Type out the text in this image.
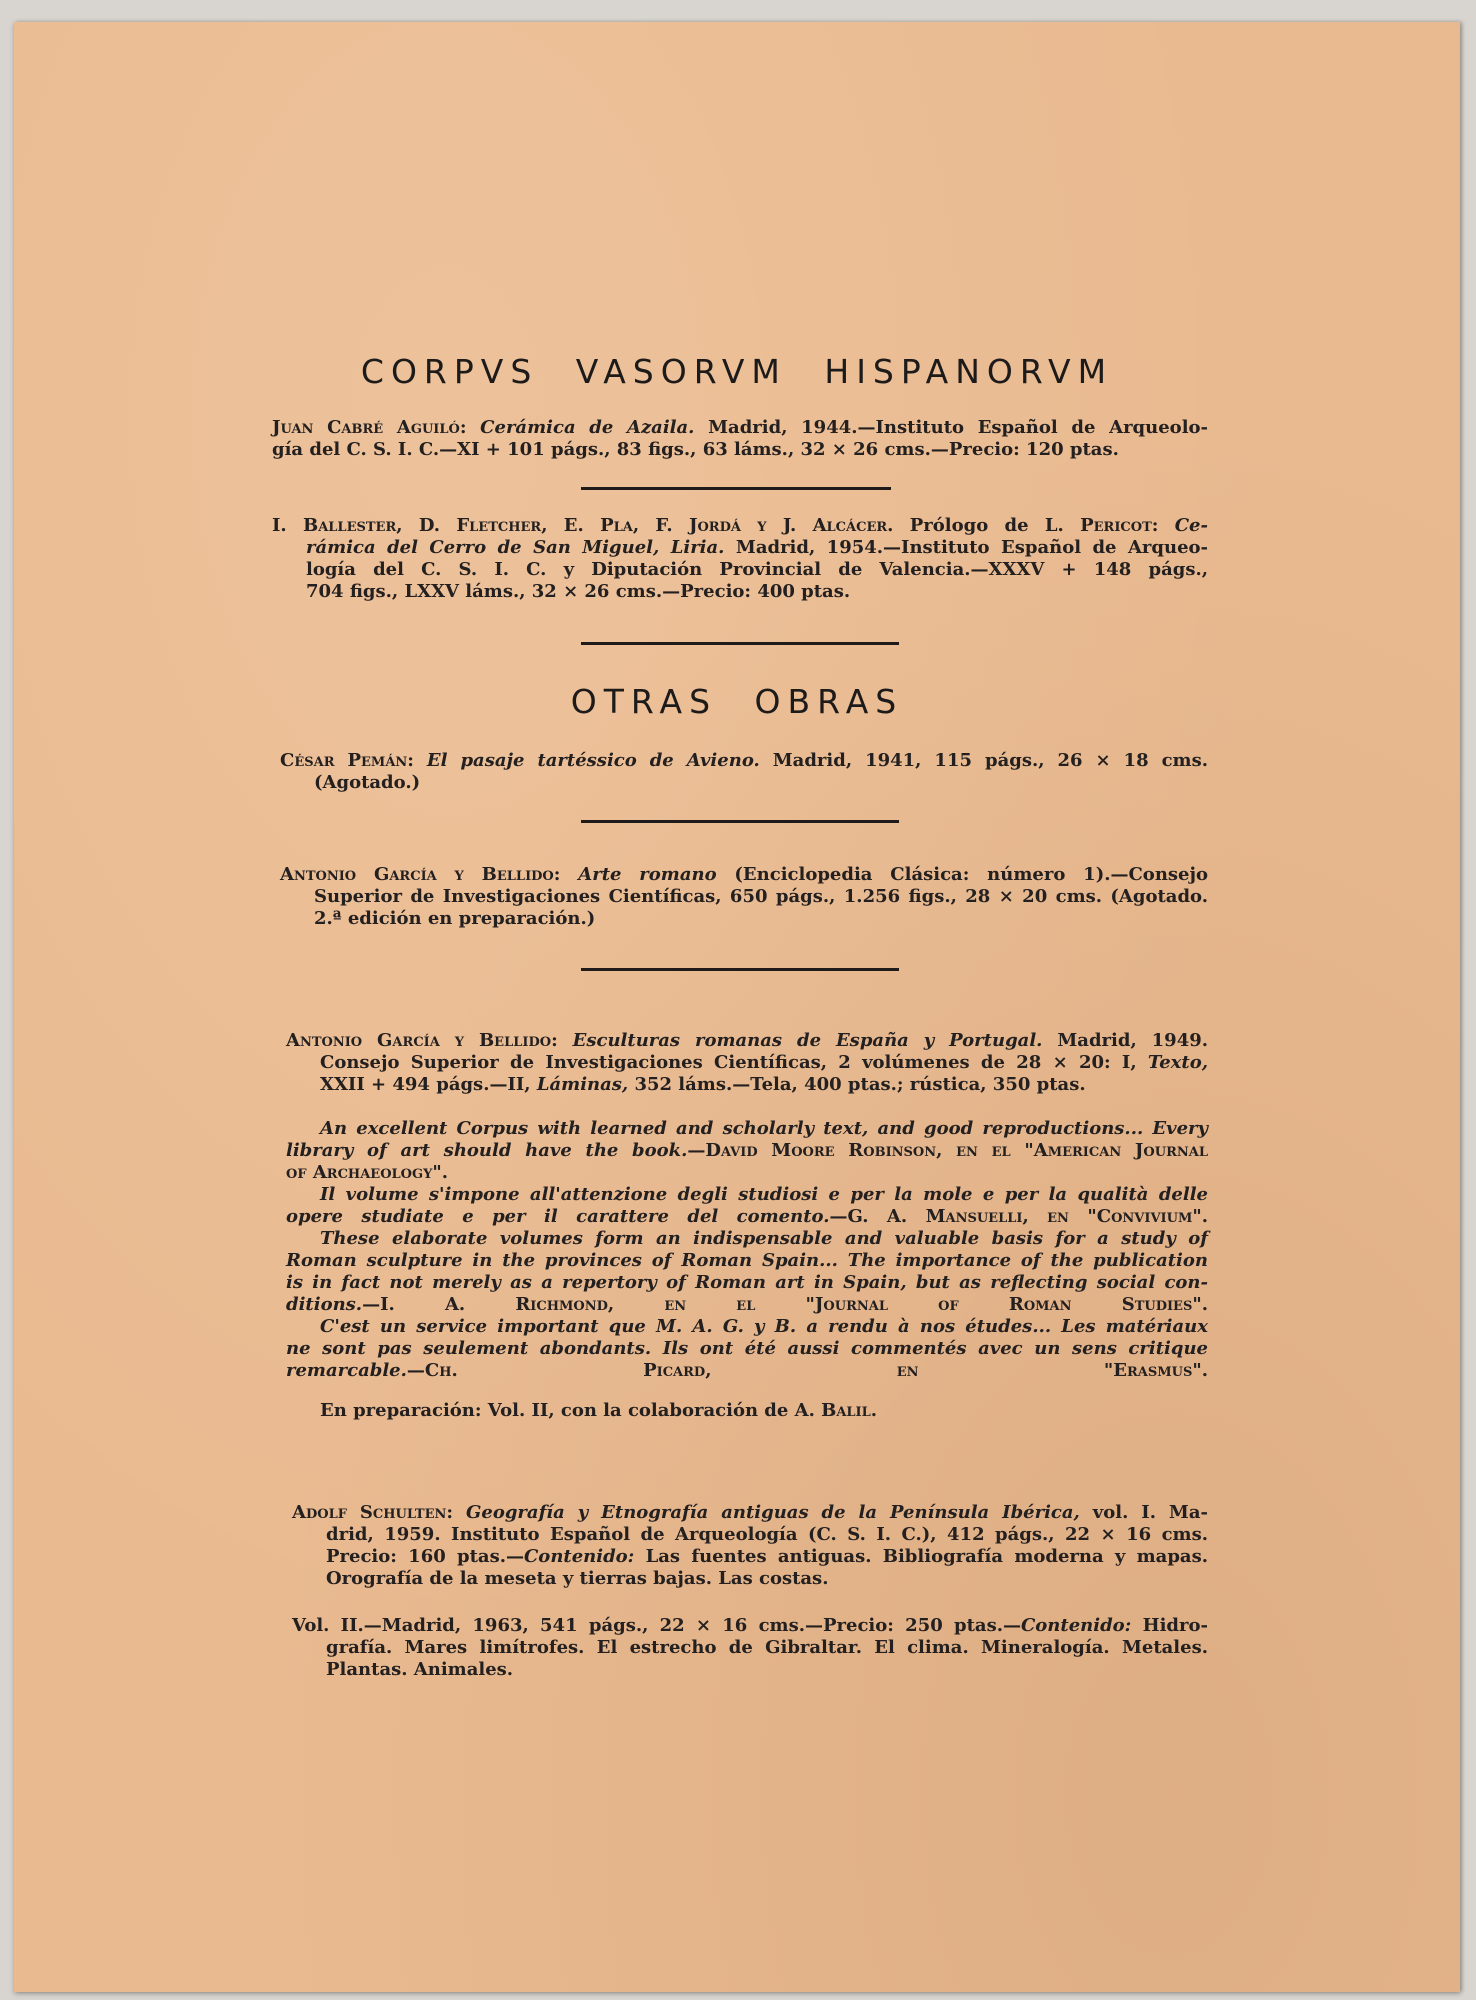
CORPVS VASORVM HISPANORVM
Juan Cabré Aguiló: Cerámica de Azaila. Madrid, 1944.—Instituto Español de Arqueolo-
gía del C. S. I. C.—XI + 101 págs., 83 figs., 63 láms., 32 × 26 cms.—Precio: 120 ptas.
I. Ballester, D. Fletcher, E. Pla, F. Jordá y J. Alcácer. Prólogo de L. Pericot: Ce-
rámica del Cerro de San Miguel, Liria. Madrid, 1954.—Instituto Español de Arqueo-
logía del C. S. I. C. y Diputación Provincial de Valencia.—XXXV + 148 págs.,
704 figs., LXXV láms., 32 × 26 cms.—Precio: 400 ptas.
OTRAS OBRAS
César Pemán: El pasaje tartéssico de Avieno. Madrid, 1941, 115 págs., 26 × 18 cms.
(Agotado.)
Antonio García y Bellido: Arte romano (Enciclopedia Clásica: número 1).—Consejo
Superior de Investigaciones Científicas, 650 págs., 1.256 figs., 28 × 20 cms. (Agotado.
2.ª edición en preparación.)
Antonio García y Bellido: Esculturas romanas de España y Portugal. Madrid, 1949.
Consejo Superior de Investigaciones Científicas, 2 volúmenes de 28 × 20: I, Texto,
XXII + 494 págs.—II, Láminas, 352 láms.—Tela, 400 ptas.; rústica, 350 ptas.
An excellent Corpus with learned and scholarly text, and good reproductions... Every
library of art should have the book.—David Moore Robinson, en el "American Journal
of Archaeology".
Il volume s'impone all'attenzione degli studiosi e per la mole e per la qualità delle
opere studiate e per il carattere del comento.—G. A. Mansuelli, en "Convivium".
These elaborate volumes form an indispensable and valuable basis for a study of
Roman sculpture in the provinces of Roman Spain... The importance of the publication
is in fact not merely as a repertory of Roman art in Spain, but as reflecting social con-
ditions.—I. A. Richmond, en el "Journal of Roman Studies".
C'est un service important que M. A. G. y B. a rendu à nos études... Les matériaux
ne sont pas seulement abondants. Ils ont été aussi commentés avec un sens critique
remarcable.—Ch. Picard, en "Erasmus".
En preparación: Vol. II, con la colaboración de A. Balil.
Adolf Schulten: Geografía y Etnografía antiguas de la Península Ibérica, vol. I. Ma-
drid, 1959. Instituto Español de Arqueología (C. S. I. C.), 412 págs., 22 × 16 cms.
Precio: 160 ptas.—Contenido: Las fuentes antiguas. Bibliografía moderna y mapas.
Orografía de la meseta y tierras bajas. Las costas.
Vol. II.—Madrid, 1963, 541 págs., 22 × 16 cms.—Precio: 250 ptas.—Contenido: Hidro-
grafía. Mares limítrofes. El estrecho de Gibraltar. El clima. Mineralogía. Metales.
Plantas. Animales.
